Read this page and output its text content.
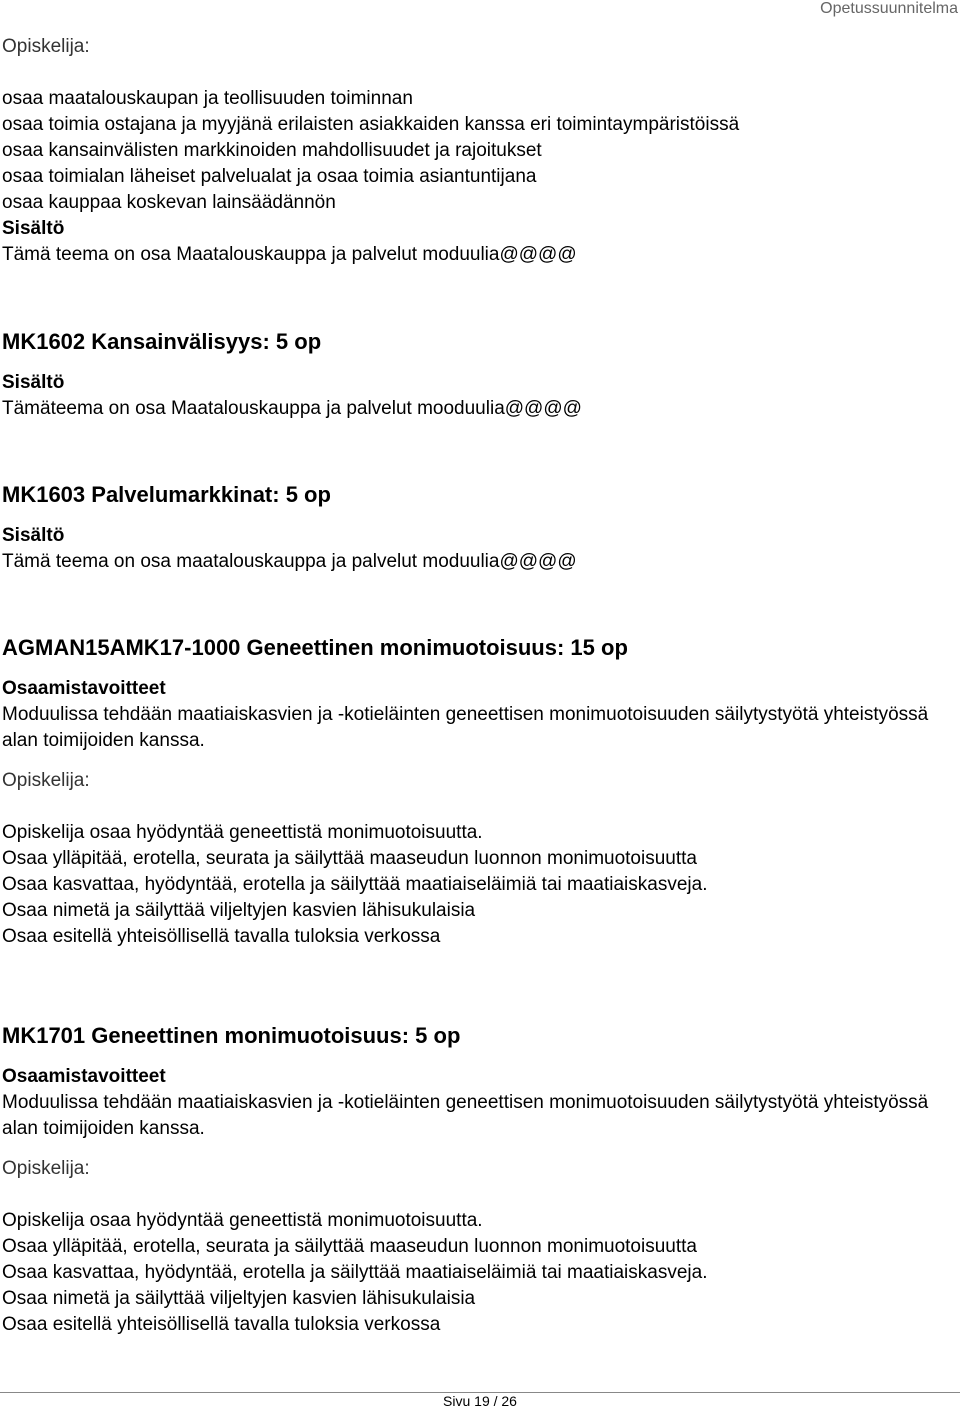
Opetussuunnitelma
Opiskelija:
osaa maatalouskaupan ja teollisuuden toiminnan
osaa toimia ostajana ja myyjänä erilaisten asiakkaiden kanssa eri toimintaympäristöissä
osaa kansainvälisten markkinoiden mahdollisuudet ja rajoitukset
osaa toimialan läheiset palvelualat ja osaa toimia asiantuntijana
osaa kauppaa koskevan lainsäädännön
Sisältö
Tämä teema on osa Maatalouskauppa ja palvelut moduulia@@@@
MK1602 Kansainvälisyys: 5 op
Sisältö
Tämäteema on osa Maatalouskauppa ja palvelut mooduulia@@@@
MK1603 Palvelumarkkinat: 5 op
Sisältö
Tämä teema on osa maatalouskauppa ja palvelut moduulia@@@@
AGMAN15AMK17-1000 Geneettinen monimuotoisuus: 15 op
Osaamistavoitteet
Moduulissa tehdään maatiaiskasvien ja -kotieläinten geneettisen monimuotoisuuden säilytystyötä yhteistyössä alan toimijoiden kanssa.
Opiskelija:
Opiskelija osaa hyödyntää geneettistä monimuotoisuutta.
Osaa ylläpitää, erotella, seurata ja säilyttää maaseudun luonnon monimuotoisuutta
Osaa kasvattaa, hyödyntää, erotella ja säilyttää maatiaiseläimiä tai maatiaiskasveja.
Osaa nimetä ja säilyttää viljeltyjen kasvien lähisukulaisia
Osaa esitellä yhteisöllisellä tavalla tuloksia verkossa
MK1701 Geneettinen monimuotoisuus: 5 op
Osaamistavoitteet
Moduulissa tehdään maatiaiskasvien ja -kotieläinten geneettisen monimuotoisuuden säilytystyötä yhteistyössä alan toimijoiden kanssa.
Opiskelija:
Opiskelija osaa hyödyntää geneettistä monimuotoisuutta.
Osaa ylläpitää, erotella, seurata ja säilyttää maaseudun luonnon monimuotoisuutta
Osaa kasvattaa, hyödyntää, erotella ja säilyttää maatiaiseläimiä tai maatiaiskasveja.
Osaa nimetä ja säilyttää viljeltyjen kasvien lähisukulaisia
Osaa esitellä yhteisöllisellä tavalla tuloksia verkossa
Sivu 19 / 26
